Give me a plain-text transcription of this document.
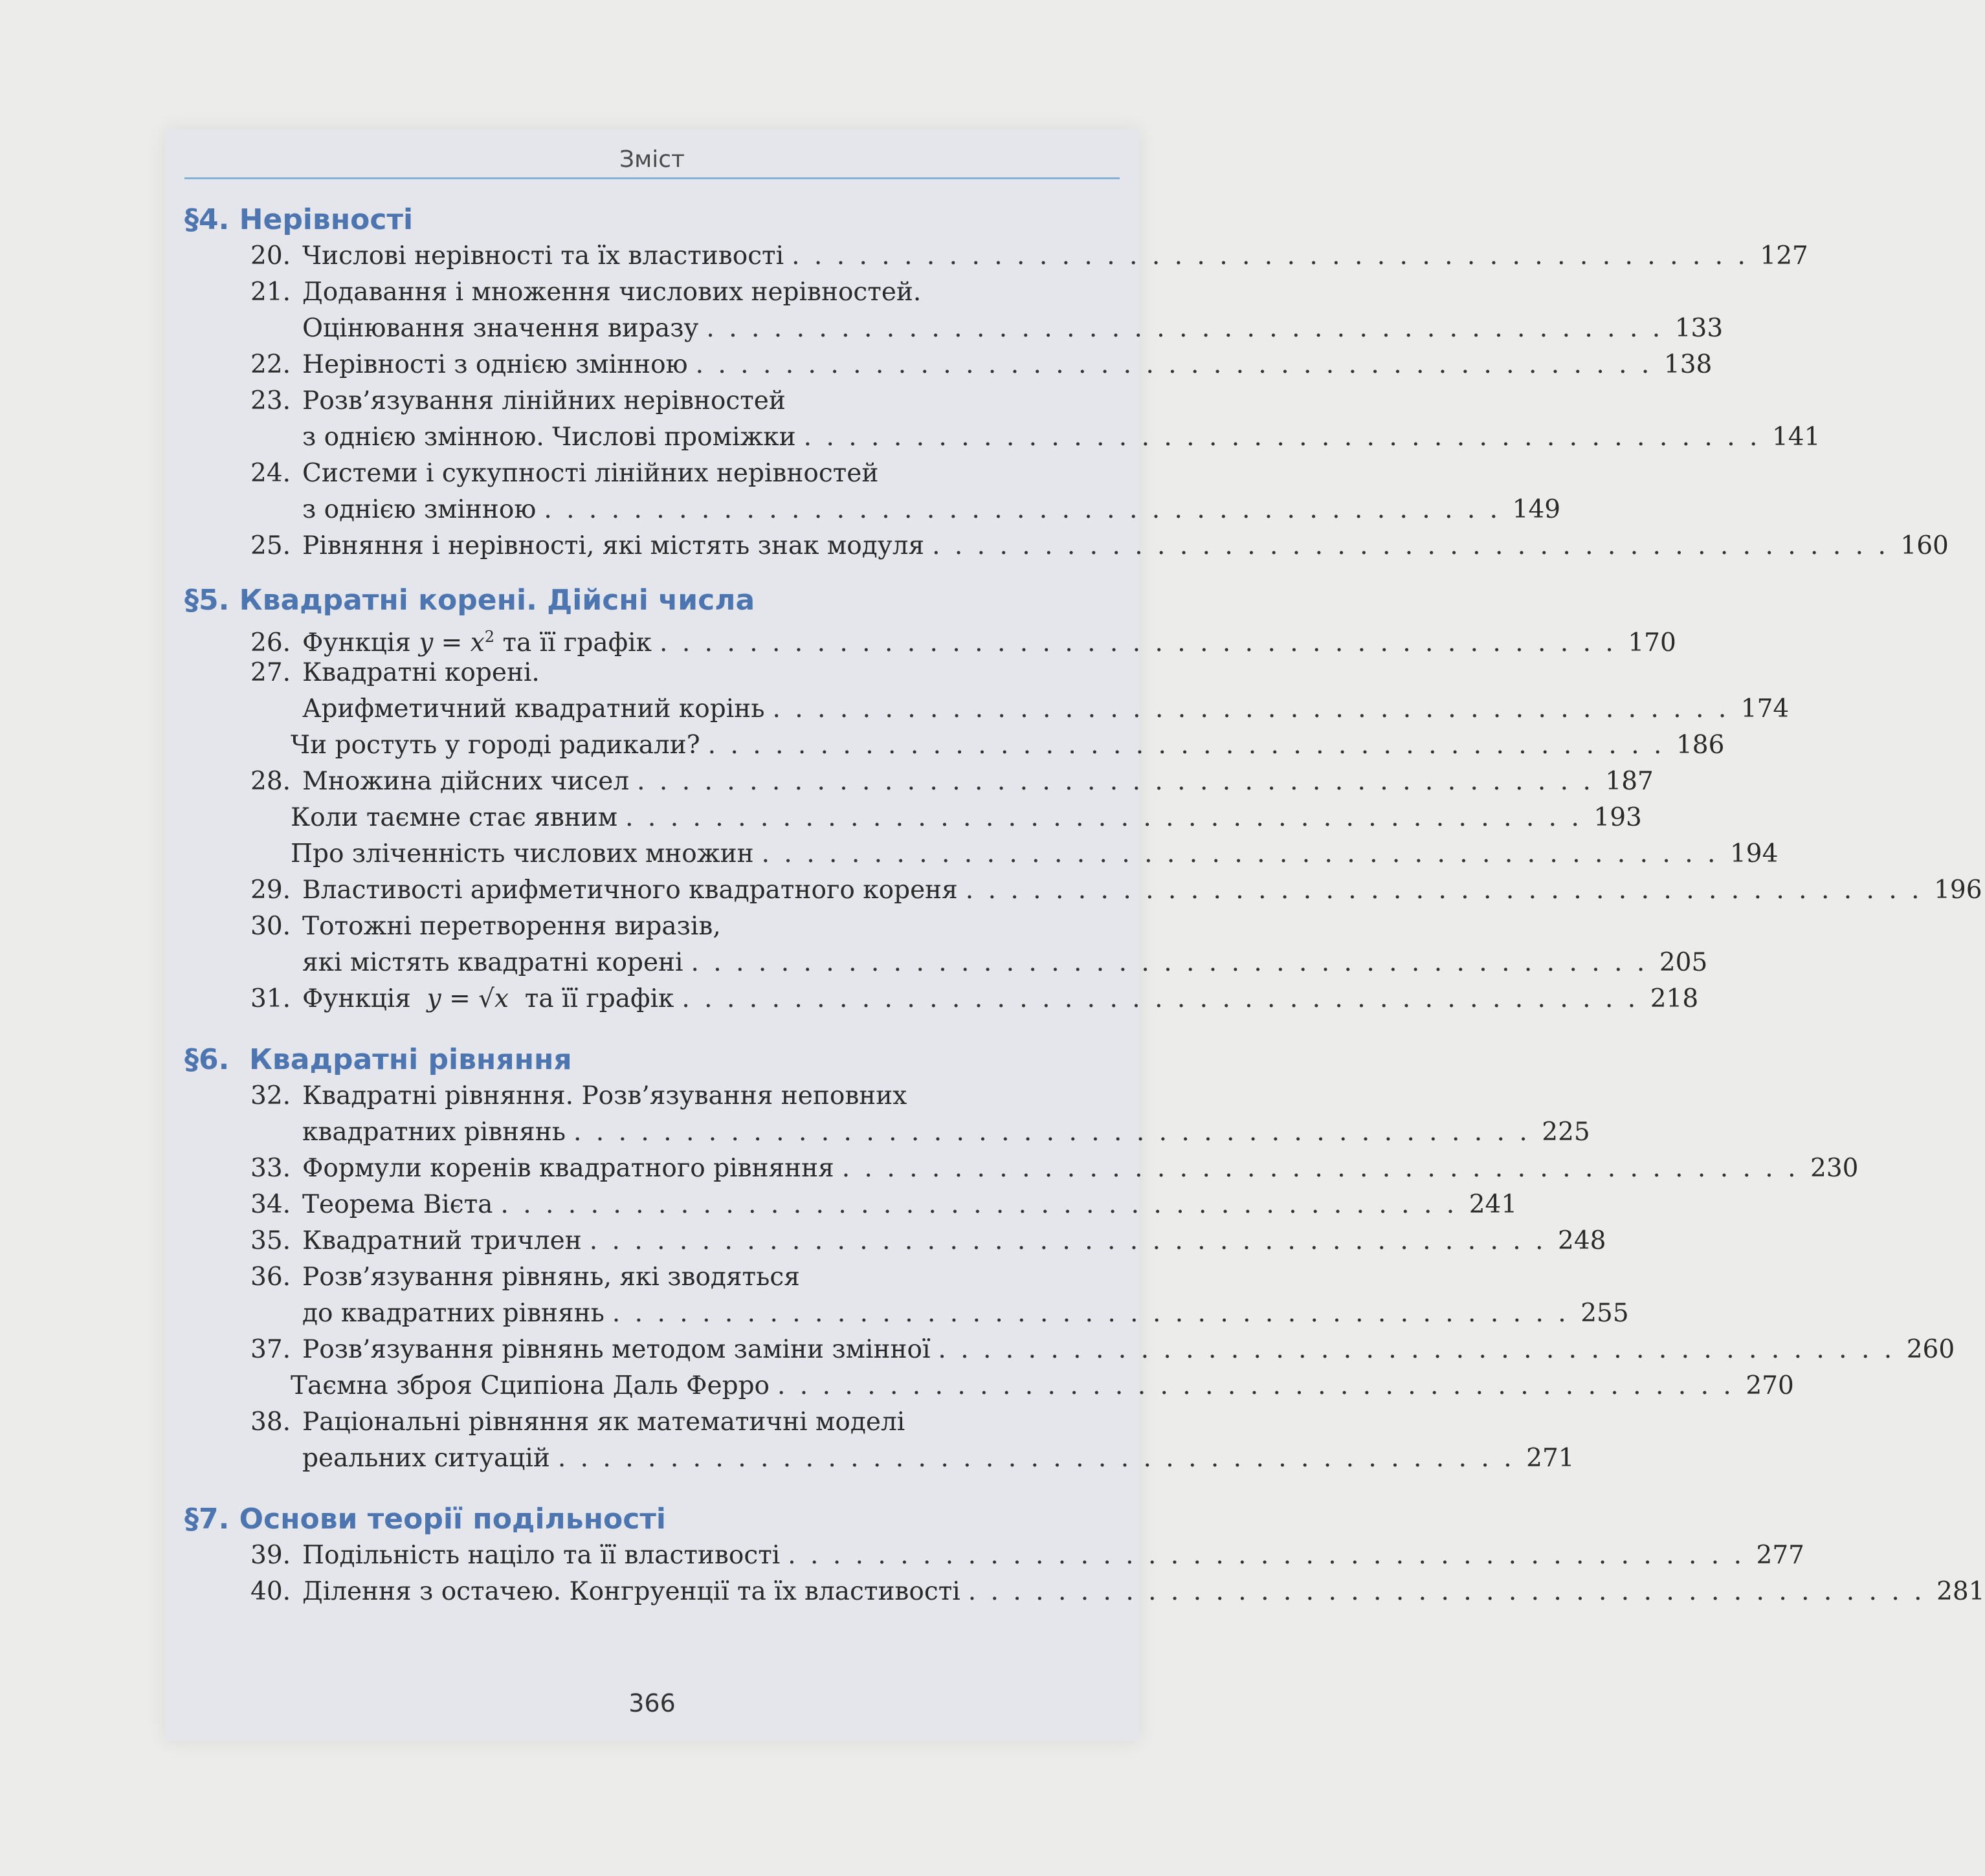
Зміст
§4. Нерівності
20. Числові нерівності та їх властивості . . . . . . . . . . . . . . . . . . . . . . . . . . . . . . . . . . . . . . . . . . . 127
21. Додавання і множення числових нерівностей.
Оцінювання значення виразу . . . . . . . . . . . . . . . . . . . . . . . . . . . . . . . . . . . . . . . . . . . 133
22. Нерівності з однією змінною . . . . . . . . . . . . . . . . . . . . . . . . . . . . . . . . . . . . . . . . . . . 138
23. Розв’язування лінійних нерівностей
з однією змінною. Числові проміжки . . . . . . . . . . . . . . . . . . . . . . . . . . . . . . . . . . . . . . . . . . . 141
24. Системи і сукупності лінійних нерівностей
з однією змінною . . . . . . . . . . . . . . . . . . . . . . . . . . . . . . . . . . . . . . . . . . . 149
25. Рівняння і нерівності, які містять знак модуля . . . . . . . . . . . . . . . . . . . . . . . . . . . . . . . . . . . . . . . . . . . 160
§5. Квадратні корені. Дійсні числа
26. Функція $y = x^2$ та її графік . . . . . . . . . . . . . . . . . . . . . . . . . . . . . . . . . . . . . . . . . . . 170
27. Квадратні корені.
Арифметичний квадратний корінь . . . . . . . . . . . . . . . . . . . . . . . . . . . . . . . . . . . . . . . . . . . 174
Чи ростуть у городі радикали? . . . . . . . . . . . . . . . . . . . . . . . . . . . . . . . . . . . . . . . . . . . 186
28. Множина дійсних чисел . . . . . . . . . . . . . . . . . . . . . . . . . . . . . . . . . . . . . . . . . . . 187
Коли таємне стає явним . . . . . . . . . . . . . . . . . . . . . . . . . . . . . . . . . . . . . . . . . . . 193
Про зліченність числових множин . . . . . . . . . . . . . . . . . . . . . . . . . . . . . . . . . . . . . . . . . . . 194
29. Властивості арифметичного квадратного кореня . . . . . . . . . . . . . . . . . . . . . . . . . . . . . . . . . . . . . . . . . . . 196
30. Тотожні перетворення виразів,
які містять квадратні корені . . . . . . . . . . . . . . . . . . . . . . . . . . . . . . . . . . . . . . . . . . . 205
31. Функція  y = √x  та її графік . . . . . . . . . . . . . . . . . . . . . . . . . . . . . . . . . . . . . . . . . . . 218
§6.  Квадратні рівняння
32. Квадратні рівняння. Розв’язування неповних
квадратних рівнянь . . . . . . . . . . . . . . . . . . . . . . . . . . . . . . . . . . . . . . . . . . . 225
33. Формули коренів квадратного рівняння . . . . . . . . . . . . . . . . . . . . . . . . . . . . . . . . . . . . . . . . . . . 230
34. Теорема Вієта . . . . . . . . . . . . . . . . . . . . . . . . . . . . . . . . . . . . . . . . . . . 241
35. Квадратний тричлен . . . . . . . . . . . . . . . . . . . . . . . . . . . . . . . . . . . . . . . . . . . 248
36. Розв’язування рівнянь, які зводяться
до квадратних рівнянь . . . . . . . . . . . . . . . . . . . . . . . . . . . . . . . . . . . . . . . . . . . 255
37. Розв’язування рівнянь методом заміни змінної . . . . . . . . . . . . . . . . . . . . . . . . . . . . . . . . . . . . . . . . . . . 260
Таємна зброя Сципіона Даль Ферро . . . . . . . . . . . . . . . . . . . . . . . . . . . . . . . . . . . . . . . . . . . 270
38. Раціональні рівняння як математичні моделі
реальних ситуацій . . . . . . . . . . . . . . . . . . . . . . . . . . . . . . . . . . . . . . . . . . . 271
§7. Основи теорії подільності
39. Подільність націло та її властивості . . . . . . . . . . . . . . . . . . . . . . . . . . . . . . . . . . . . . . . . . . . 277
40. Ділення з остачею. Конгруенції та їх властивості . . . . . . . . . . . . . . . . . . . . . . . . . . . . . . . . . . . . . . . . . . . 281
366
